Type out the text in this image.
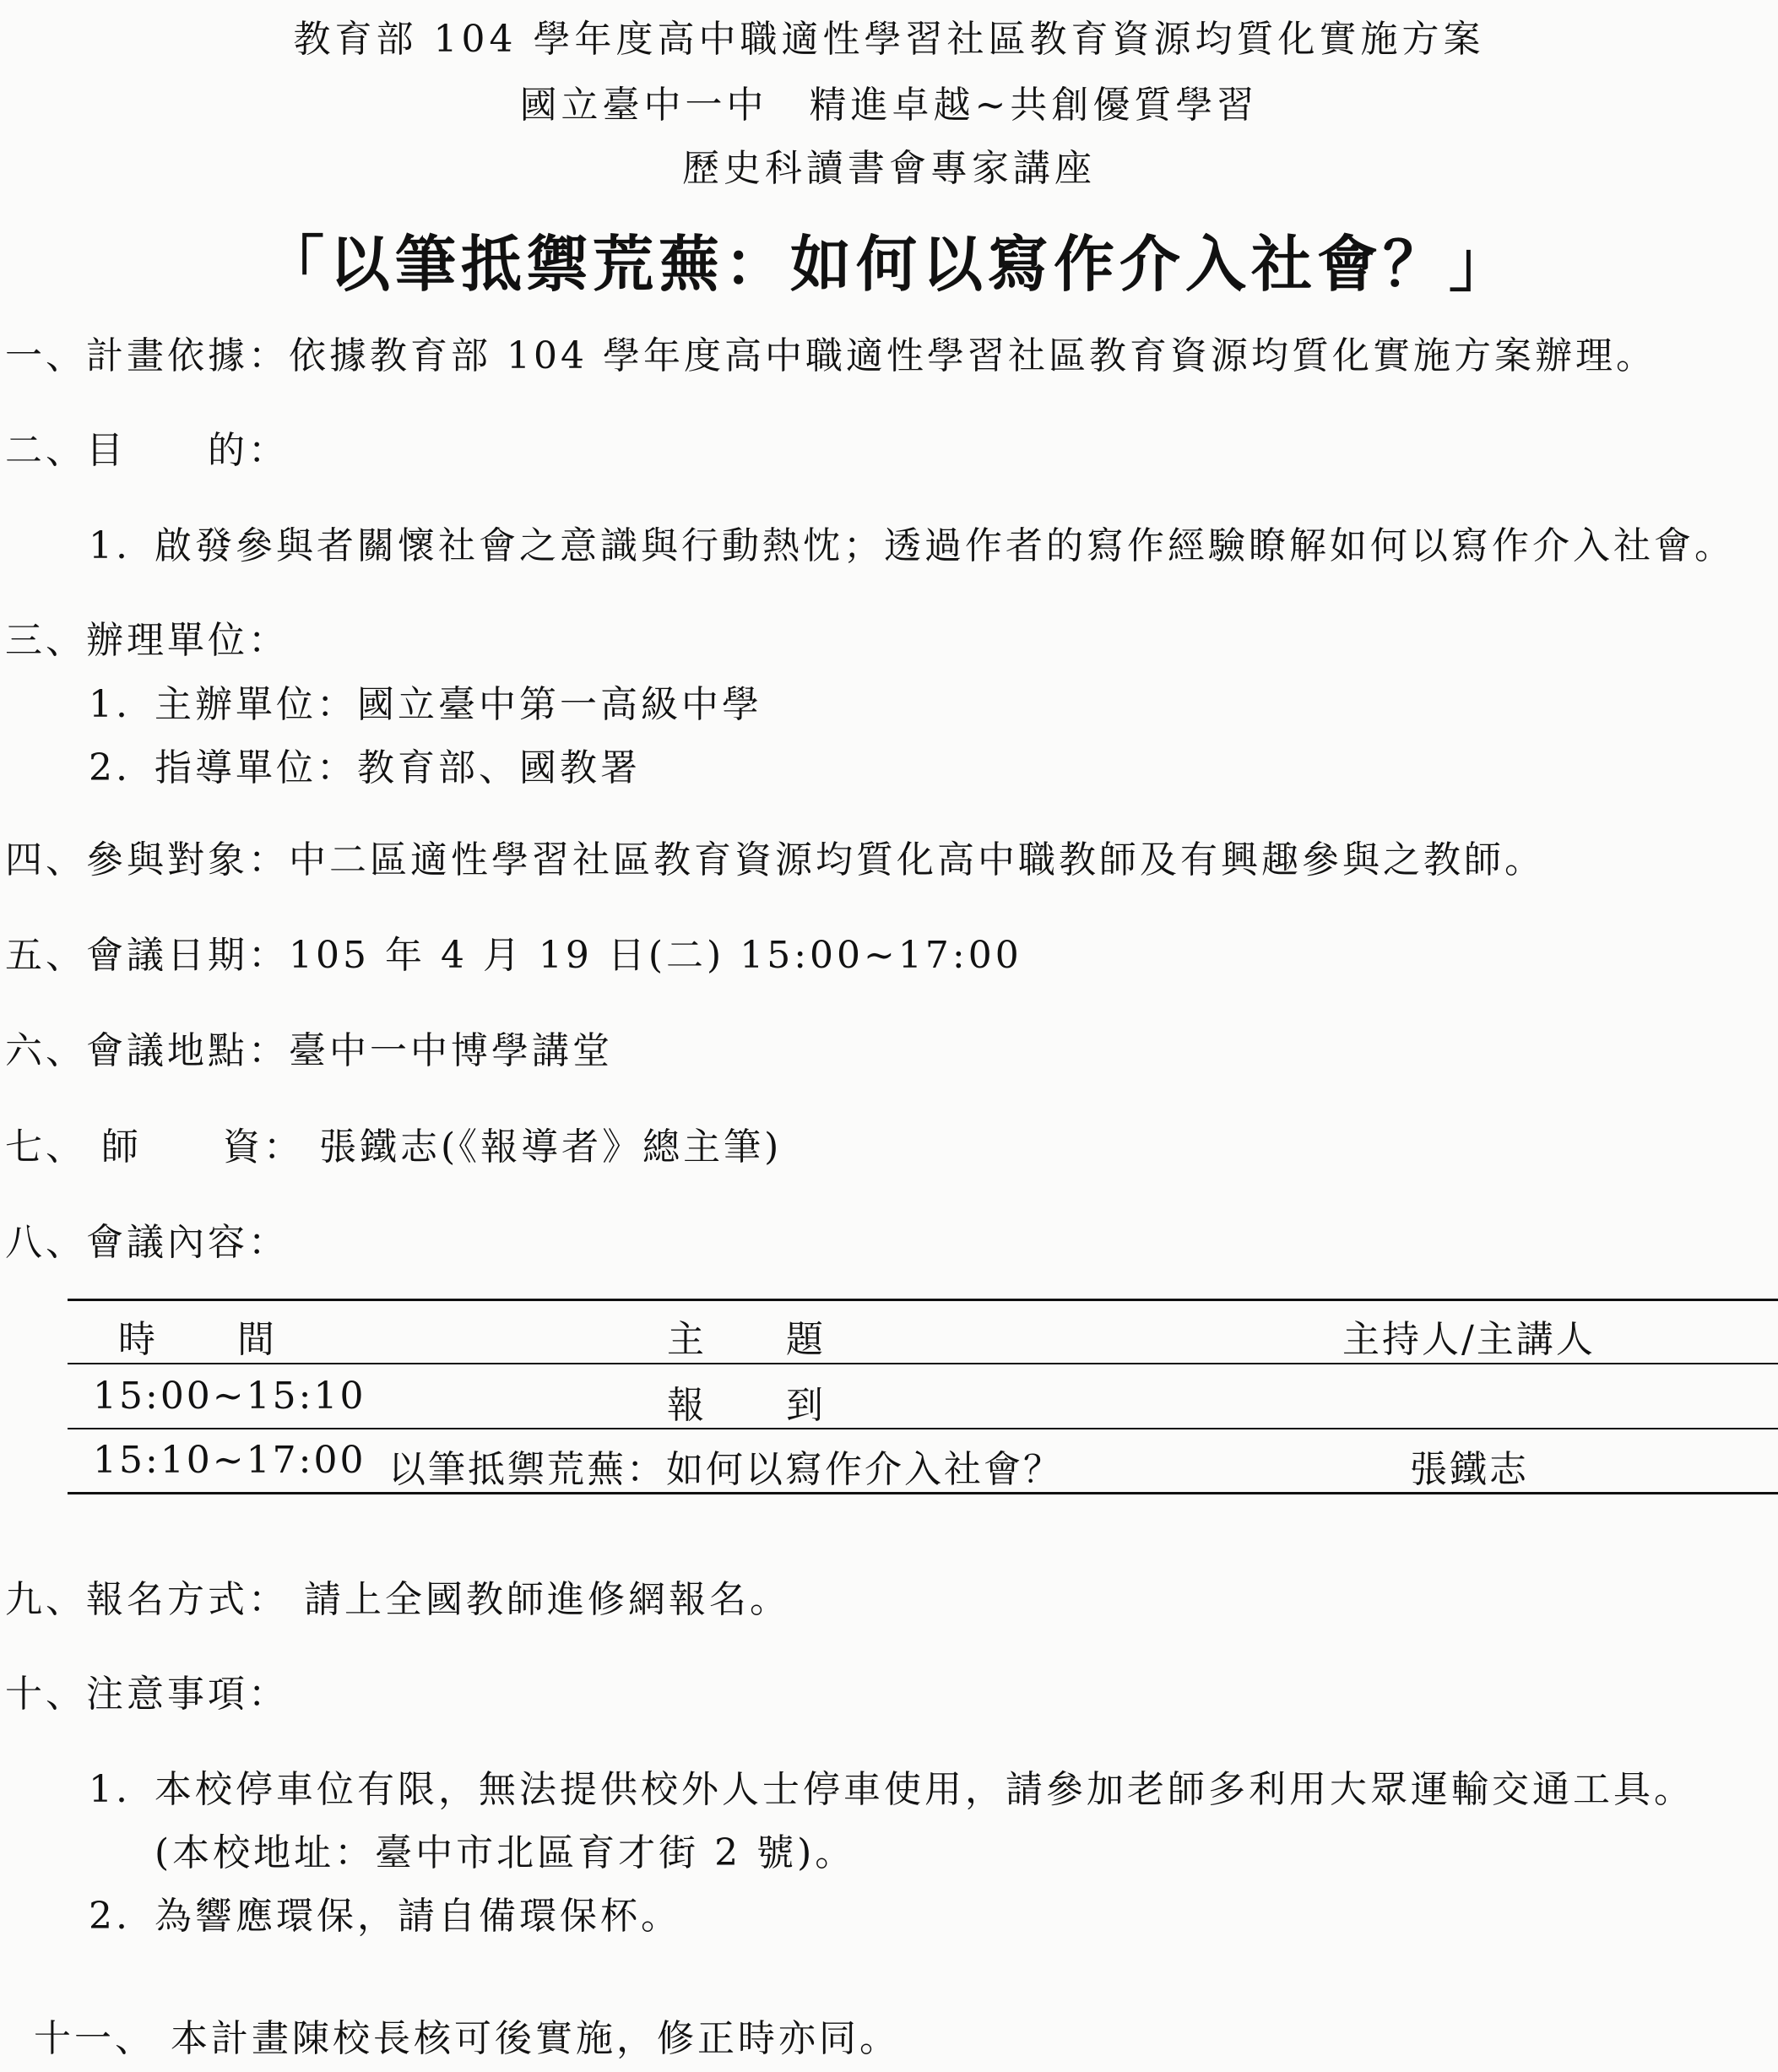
教育部 104 學年度高中職適性學習社區教育資源均質化實施方案
國立臺中一中　精進卓越~共創優質學習
歷史科讀書會專家講座
「以筆抵禦荒蕪：如何以寫作介入社會？」
一、計畫依據：依據教育部 104 學年度高中職適性學習社區教育資源均質化實施方案辦理。
二、目　　的：
1. 啟發參與者關懷社會之意識與行動熱忱；透過作者的寫作經驗瞭解如何以寫作介入社會。
三、辦理單位：
1. 主辦單位：國立臺中第一高級中學
2. 指導單位：教育部、國教署
四、參與對象：中二區適性學習社區教育資源均質化高中職教師及有興趣參與之教師。
五、會議日期：105 年 4 月 19 日(二) 15:00~17:00
六、會議地點：臺中一中博學講堂
七、 師　　資： 張鐵志(《報導者》總主筆)
八、會議內容：
時　　間	主　　題	主持人/主講人
15:00~15:10	報　　到
15:10~17:00 以筆抵禦荒蕪：如何以寫作介入社會？	張鐵志
九、報名方式： 請上全國教師進修網報名。
十、注意事項：
1. 本校停車位有限，無法提供校外人士停車使用，請參加老師多利用大眾運輸交通工具。
(本校地址：臺中市北區育才街 2 號)。
2. 為響應環保，請自備環保杯。
十一、 本計畫陳校長核可後實施，修正時亦同。
